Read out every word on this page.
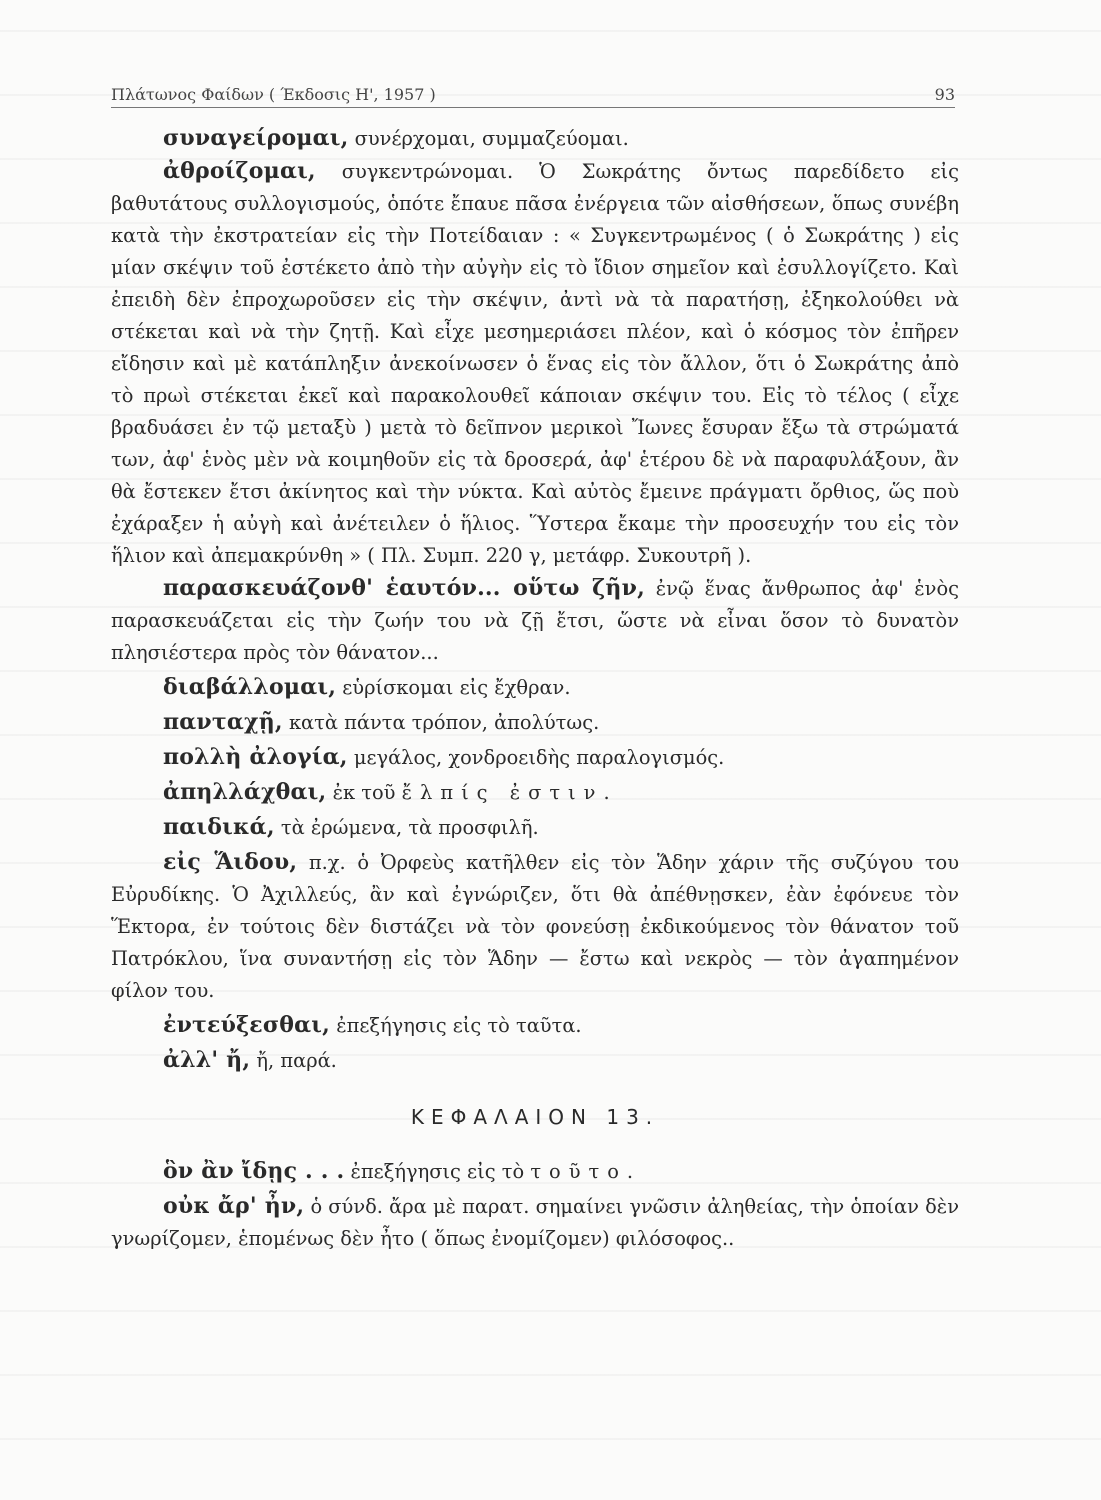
Πλάτωνος Φαίδων ( Έκδοσις Η', 1957 )	93

συναγείρομαι, συνέρχομαι, συμμαζεύομαι.

ἀθροίζομαι, συγκεντρώνομαι. Ὁ Σωκράτης ὄντως παρεδίδετο εἰς βαθυτάτους συλλογισμούς, ὁπότε ἔπαυε πᾶσα ἐνέργεια τῶν αἰσθήσεων, ὅπως συνέβη κατὰ τὴν ἐκστρατείαν εἰς τὴν Ποτείδαιαν : « Συγκεντρωμένος ( ὁ Σωκράτης ) εἰς μίαν σκέψιν τοῦ ἐστέκετο ἀπὸ τὴν αὐγὴν εἰς τὸ ἴδιον σημεῖον καὶ ἐσυλλογίζετο. Καὶ ἐπειδὴ δὲν ἐπροχωροῦσεν εἰς τὴν σκέψιν, ἀντὶ νὰ τὰ παρατήσῃ, ἐξηκολούθει νὰ στέκεται καὶ νὰ τὴν ζητῇ. Καὶ εἶχε μεσημεριάσει πλέον, καὶ ὁ κόσμος τὸν ἐπῆρεν εἴδησιν καὶ μὲ κατάπληξιν ἀνεκοίνωσεν ὁ ἕνας εἰς τὸν ἄλλον, ὅτι ὁ Σωκράτης ἀπὸ τὸ πρωὶ στέκεται ἐκεῖ καὶ παρακολουθεῖ κάποιαν σκέψιν του. Εἰς τὸ τέλος ( εἶχε βραδυάσει ἐν τῷ μεταξὺ ) μετὰ τὸ δεῖπνον μερικοὶ Ἴωνες ἔσυραν ἔξω τὰ στρώματά των, ἀφ' ἑνὸς μὲν νὰ κοιμηθοῦν εἰς τὰ δροσερά, ἀφ' ἑτέρου δὲ νὰ παραφυλάξουν, ἂν θὰ ἔστεκεν ἔτσι ἀκίνητος καὶ τὴν νύκτα. Καὶ αὐτὸς ἔμεινε πράγματι ὄρθιος, ὥς ποὺ ἐχάραξεν ἡ αὐγὴ καὶ ἀνέτειλεν ὁ ἥλιος. Ὕστερα ἔκαμε τὴν προσευχήν του εἰς τὸν ἥλιον καὶ ἀπεμακρύνθη » ( Πλ. Συμπ. 220 γ, μετάφρ. Συκουτρῆ ).

παρασκευάζονθ' ἑαυτόν... οὕτω ζῆν, ἐνῷ ἕνας ἄνθρωπος ἀφ' ἑνὸς παρασκευάζεται εἰς τὴν ζωήν του νὰ ζῇ ἔτσι, ὥστε νὰ εἶναι ὅσον τὸ δυνατὸν πλησιέστερα πρὸς τὸν θάνατον...

διαβάλλομαι, εὑρίσκομαι εἰς ἔχθραν.

πανταχῇ, κατὰ πάντα τρόπον, ἀπολύτως.

πολλὴ ἀλογία, μεγάλος, χονδροειδὴς παραλογισμός.

ἀπηλλάχθαι, ἐκ τοῦ ἔλπίς ἐστιν.

παιδικά, τὰ ἐρώμενα, τὰ προσφιλῆ.

εἰς Ἅιδου, π.χ. ὁ Ὀρφεὺς κατῆλθεν εἰς τὸν Ἅδην χάριν τῆς συζύγου του Εὐρυδίκης. Ὁ Ἀχιλλεύς, ἂν καὶ ἐγνώριζεν, ὅτι θὰ ἀπέθνῃσκεν, ἐὰν ἐφόνευε τὸν Ἕκτορα, ἐν τούτοις δὲν διστάζει νὰ τὸν φονεύσῃ ἐκδικούμενος τὸν θάνατον τοῦ Πατρόκλου, ἵνα συναντήσῃ εἰς τὸν Ἅδην — ἔστω καὶ νεκρὸς — τὸν ἀγαπημένον φίλον του.

ἐντεύξεσθαι, ἐπεξήγησις εἰς τὸ ταῦτα.

ἀλλ' ἤ, ἤ, παρά.

ΚΕΦΑΛΑΙΟΝ 13.

ὃν ἂν ἴδῃς . . . ἐπεξήγησις εἰς τὸ τοῦτο.

οὐκ ἄρ' ἦν, ὁ σύνδ. ἄρα μὲ παρατ. σημαίνει γνῶσιν ἀληθείας, τὴν ὁποίαν δὲν γνωρίζομεν, ἑπομένως δὲν ἦτο ( ὅπως ἐνομίζομεν) φιλόσοφος..
